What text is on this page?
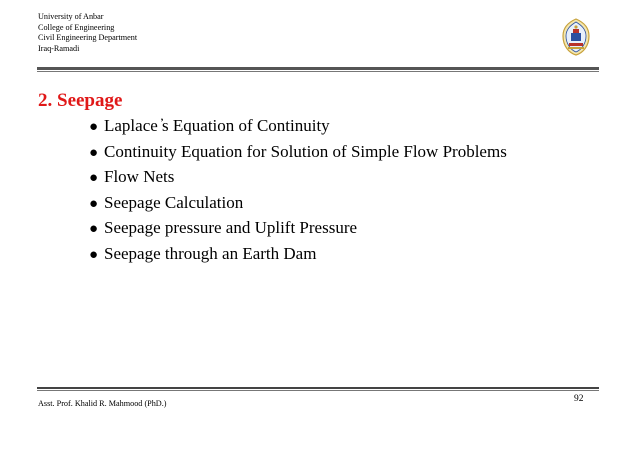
University of Anbar
College of Engineering
Civil Engineering Department
Iraq-Ramadi
2. Seepage
● Laplace ̓s Equation of Continuity
● Continuity Equation for Solution of Simple Flow Problems
● Flow Nets
● Seepage Calculation
● Seepage pressure and Uplift Pressure
● Seepage through an Earth Dam
Asst. Prof. Khalid R. Mahmood (PhD.)	92
